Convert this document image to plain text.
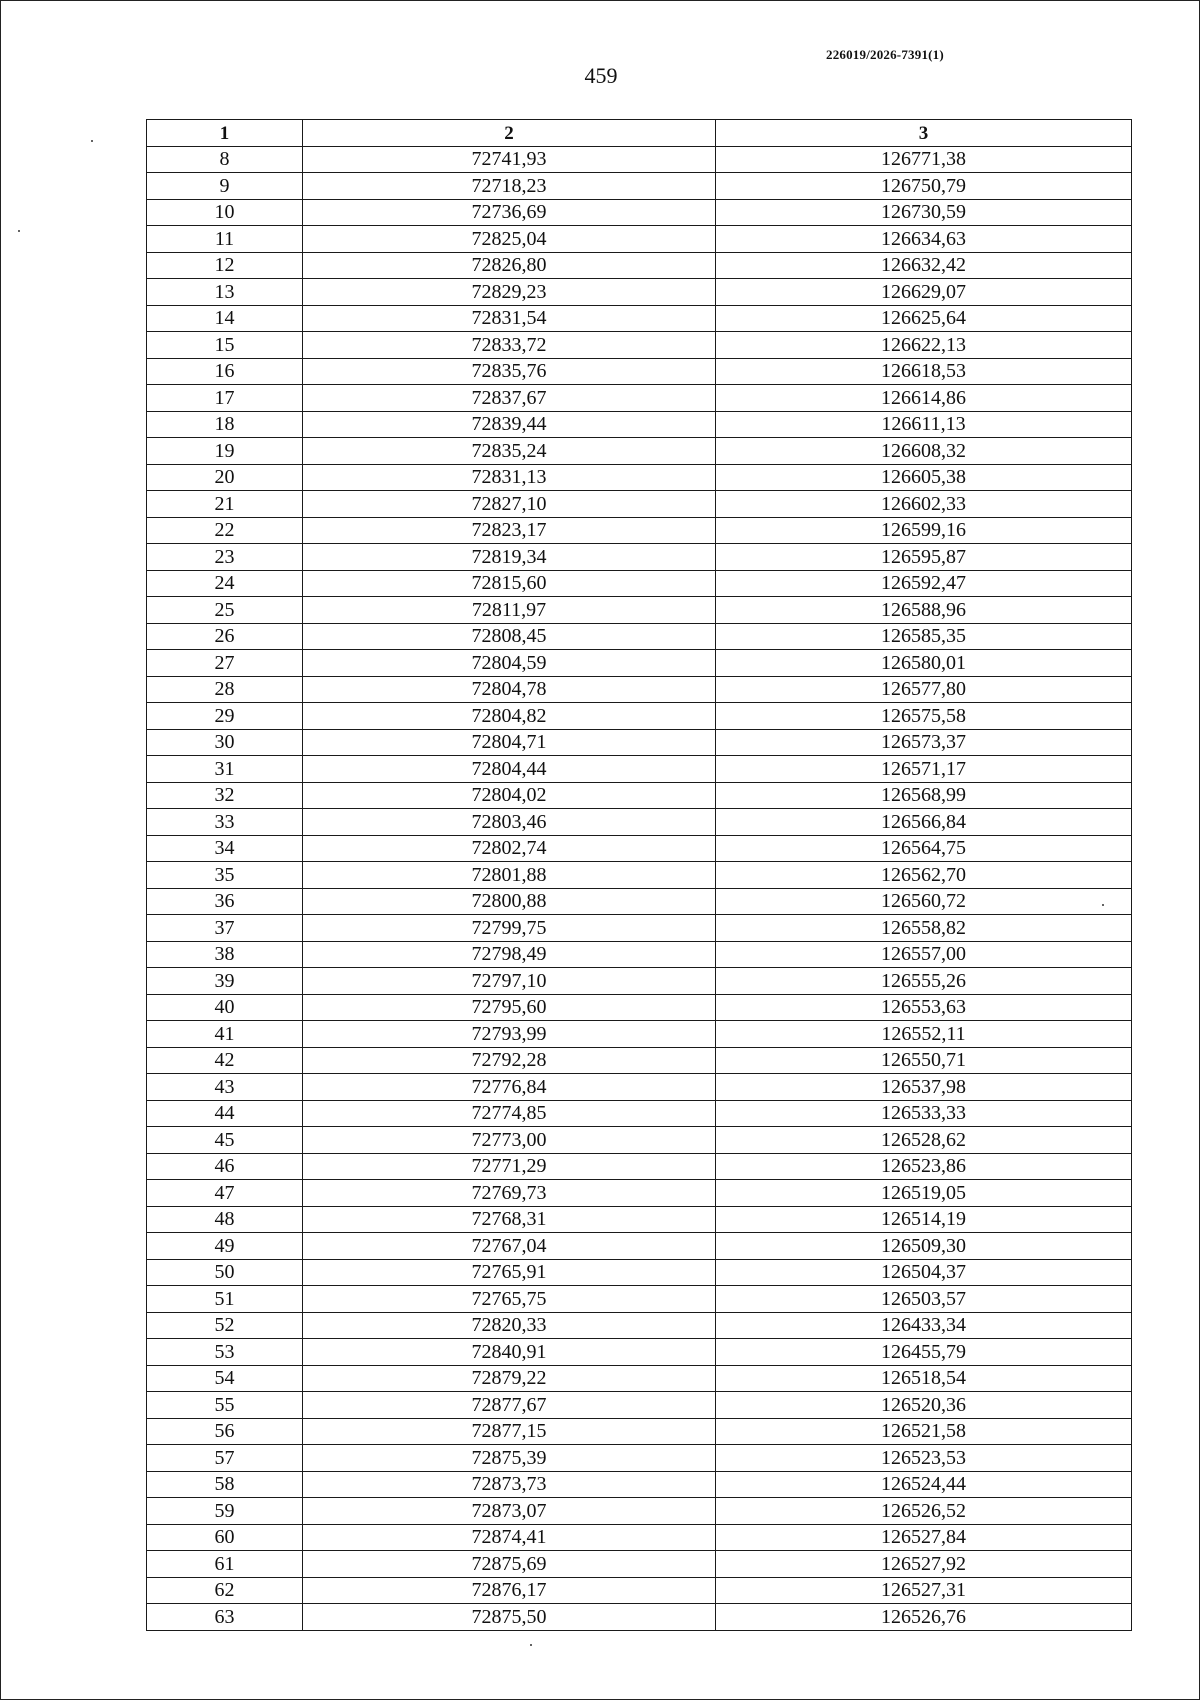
226019/2026-7391(1)
459
1	2	3
8	72741,93	126771,38
9	72718,23	126750,79
10	72736,69	126730,59
11	72825,04	126634,63
12	72826,80	126632,42
13	72829,23	126629,07
14	72831,54	126625,64
15	72833,72	126622,13
16	72835,76	126618,53
17	72837,67	126614,86
18	72839,44	126611,13
19	72835,24	126608,32
20	72831,13	126605,38
21	72827,10	126602,33
22	72823,17	126599,16
23	72819,34	126595,87
24	72815,60	126592,47
25	72811,97	126588,96
26	72808,45	126585,35
27	72804,59	126580,01
28	72804,78	126577,80
29	72804,82	126575,58
30	72804,71	126573,37
31	72804,44	126571,17
32	72804,02	126568,99
33	72803,46	126566,84
34	72802,74	126564,75
35	72801,88	126562,70
36	72800,88	126560,72
37	72799,75	126558,82
38	72798,49	126557,00
39	72797,10	126555,26
40	72795,60	126553,63
41	72793,99	126552,11
42	72792,28	126550,71
43	72776,84	126537,98
44	72774,85	126533,33
45	72773,00	126528,62
46	72771,29	126523,86
47	72769,73	126519,05
48	72768,31	126514,19
49	72767,04	126509,30
50	72765,91	126504,37
51	72765,75	126503,57
52	72820,33	126433,34
53	72840,91	126455,79
54	72879,22	126518,54
55	72877,67	126520,36
56	72877,15	126521,58
57	72875,39	126523,53
58	72873,73	126524,44
59	72873,07	126526,52
60	72874,41	126527,84
61	72875,69	126527,92
62	72876,17	126527,31
63	72875,50	126526,76
